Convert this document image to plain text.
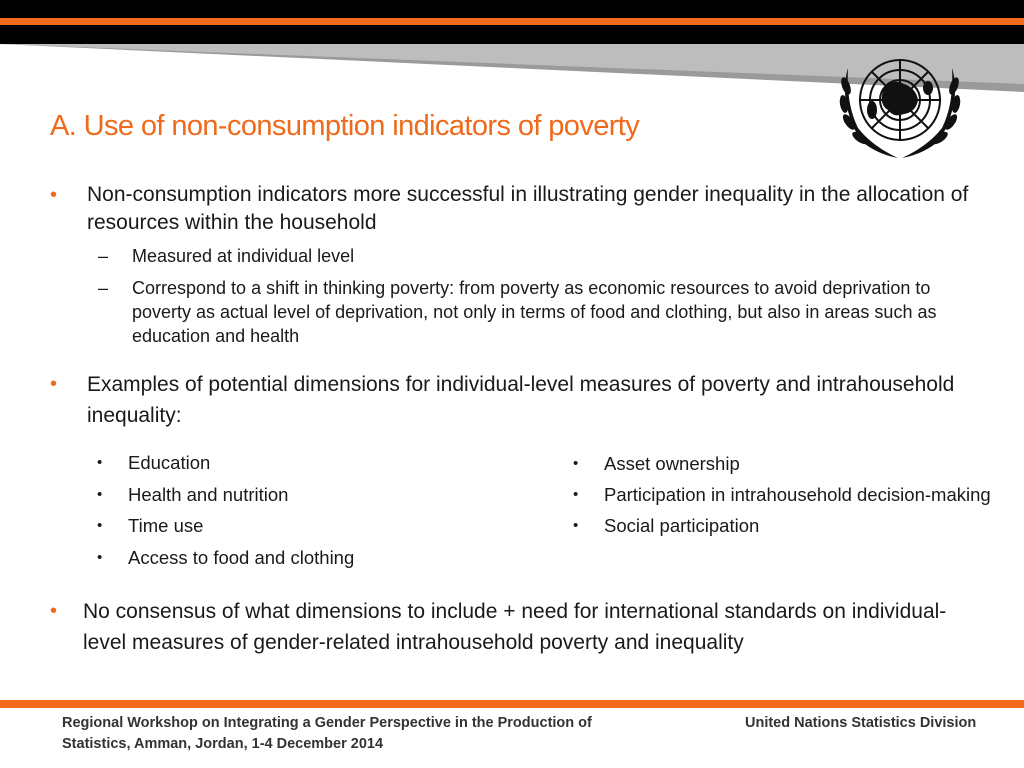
A. Use of non-consumption indicators of poverty
• Non-consumption indicators more successful in illustrating gender inequality in the allocation of resources within the household
– Measured at individual level
– Correspond to a shift in thinking poverty: from poverty as economic resources to avoid deprivation to poverty as actual level of deprivation, not only in terms of food and clothing, but also in areas such as education and health
• Examples of potential dimensions for individual-level measures of poverty and intrahousehold inequality:
• Education
• Health and nutrition
• Time use
• Access to food and clothing
• Asset ownership
• Participation in intrahousehold decision-making
• Social participation
• No consensus of what dimensions to include + need for international standards on individual-level measures of gender-related intrahousehold poverty and inequality
Regional Workshop on Integrating a Gender Perspective in the Production of Statistics, Amman, Jordan, 1-4 December 2014
United Nations Statistics Division
